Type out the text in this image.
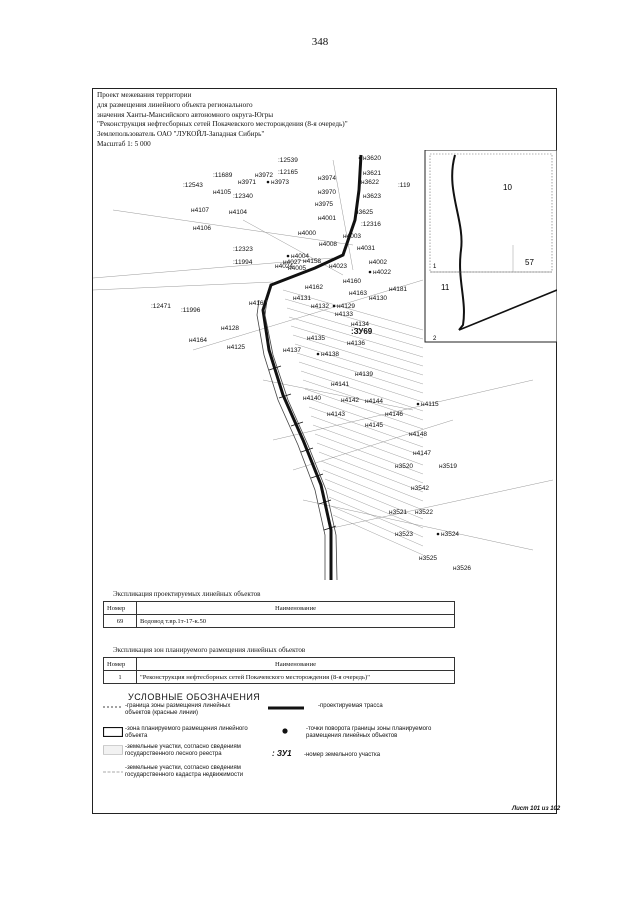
348
Проект межевания территории
для размещения линейного объекта регионального
значения Ханты-Мансийского автономного округа-Югры
"Реконструкция нефтесборных сетей Покачевского месторождения (8-я очередь)"
Землепользователь ОАО "ЛУКОЙЛ-Западная Сибирь"
Масштаб 1: 5 000
н3620
н3621
н3622
н3623
н3970
н3975
н3974
н3971
н3972
н3973
н4105
н4104
н4107
н4106
н3625
н4001
н4000	н4003
н4004
н4008
н4005
н4027
н4024
н4158
н4023
н4031
н4002
н4022
н4160
н4162
н4163
н4181
н4130
н4131
н4132
н4133
н4129
н4134
н4165
н4128
н4164
н4125
н4135
н4136
н4137
н4138
н4139
н4141
н4140	н4142 н4144
н4143
н4145
н4146
н4115
н4148
н4147
н3520	н3519
н3542
н3521 н3522
н3523	н3524
н3525
н3526
:12539
:12165
:11689
:12543
:12340
:119
:12316
:12323
:11994
:12471
:11996
:ЗУ69
10
11
57
1
2
Экспликация проектируемых линейных объектов
Номер	Наименование
69	Водовод т.вр.1т-17-к.50
Экспликация зон планируемого размещения линейных объектов
Номер	Наименование
1	"Реконструкция нефтесборных сетей Покачевского месторождения (8-я очередь)"
УСЛОВНЫЕ ОБОЗНАЧЕНИЯ
-граница зоны размещения линейных объектов (красные линии)
-зона планируемого размещения линейного объекта
-земельные участки, согласно сведениям государственного лесного реестра
-земельные участки, согласно сведениям государственного кадастра недвижимости
-проектируемая трасса
-точки поворота границы зоны планируемого размещения линейных объектов
: ЗУ1 -номер земельного участка
Лист 101 из 102
